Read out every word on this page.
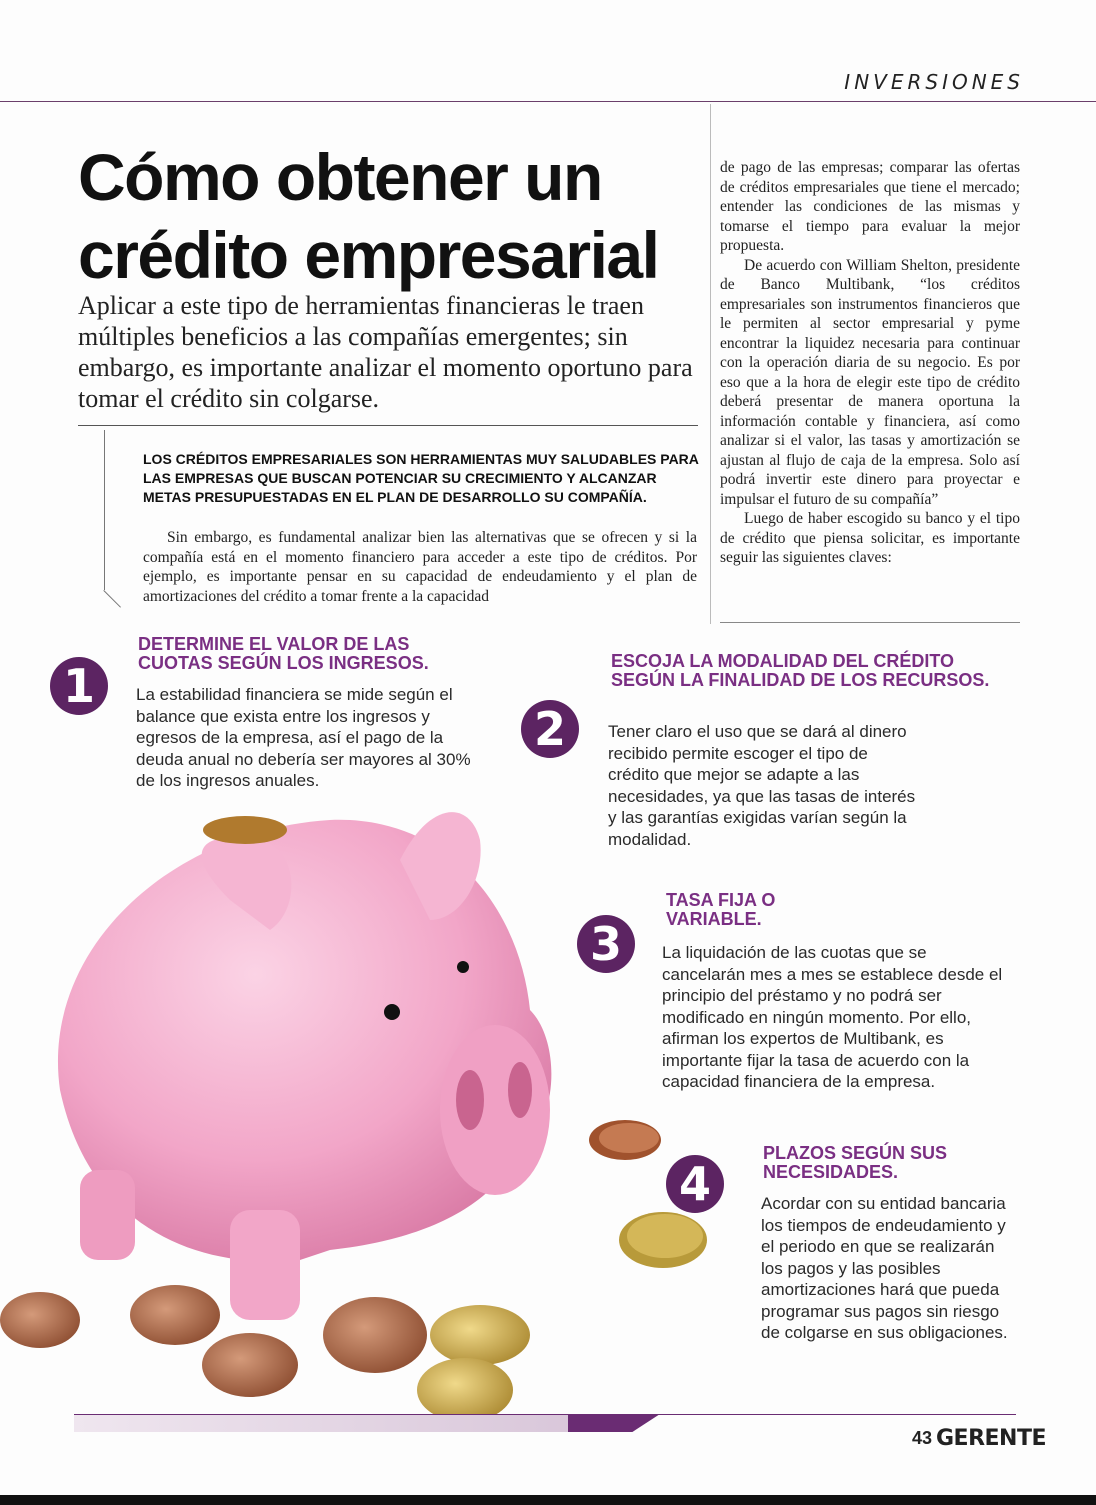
INVERSIONES
Cómo obtener un crédito empresarial
Aplicar a este tipo de herramientas financieras le traen múltiples beneficios a las compañías emergentes; sin embargo, es importante analizar el momento oportuno para tomar el crédito sin colgarse.
LOS CRÉDITOS EMPRESARIALES SON HERRAMIENTAS MUY SALUDABLES PARA LAS EMPRESAS QUE BUSCAN POTENCIAR SU CRECIMIENTO Y ALCANZAR METAS PRESUPUESTADAS EN EL PLAN DE DESARROLLO SU COMPAÑÍA.
Sin embargo, es fundamental analizar bien las alternativas que se ofrecen y si la compañía está en el momento financiero para acceder a este tipo de créditos. Por ejemplo, es importante pensar en su capacidad de endeudamiento y el plan de amortizaciones del crédito a tomar frente a la capacidad

de pago de las empresas; comparar las ofertas de créditos empresariales que tiene el mercado; entender las condiciones de las mismas y tomarse el tiempo para evaluar la mejor propuesta.

De acuerdo con William Shelton, presidente de Banco Multibank, “los créditos empresariales son instrumentos financieros que le permiten al sector empresarial y pyme encontrar la liquidez necesaria para continuar con la operación diaria de su negocio. Es por eso que a la hora de elegir este tipo de crédito deberá presentar de manera oportuna la información contable y financiera, así como analizar si el valor, las tasas y amortización se ajustan al flujo de caja de la empresa. Solo así podrá invertir este dinero para proyectar e impulsar el futuro de su compañía”

Luego de haber escogido su banco y el tipo de crédito que piensa solicitar, es importante seguir las siguientes claves:

1
DETERMINE EL VALOR DE LAS CUOTAS SEGÚN LOS INGRESOS.
La estabilidad financiera se mide según el balance que exista entre los ingresos y egresos de la empresa, así el pago de la deuda anual no debería ser mayores al 30% de los ingresos anuales.
2
ESCOJA LA MODALIDAD DEL CRÉDITO SEGÚN LA FINALIDAD DE LOS RECURSOS.
Tener claro el uso que se dará al dinero recibido permite escoger el tipo de crédito que mejor se adapte a las necesidades, ya que las tasas de interés y las garantías exigidas varían según la modalidad.
3
TASA FIJA O VARIABLE.
La liquidación de las cuotas que se cancelarán mes a mes se establece desde el principio del préstamo y no podrá ser modificado en ningún momento. Por ello, afirman los expertos de Multibank, es importante fijar la tasa de acuerdo con la capacidad financiera de la empresa.
4
PLAZOS SEGÚN SUS NECESIDADES.
Acordar con su entidad bancaria los tiempos de endeudamiento y el periodo en que se realizarán los pagos y las posibles amortizaciones hará que pueda programar sus pagos sin riesgo de colgarse en sus obligaciones.
43 GERENTE
